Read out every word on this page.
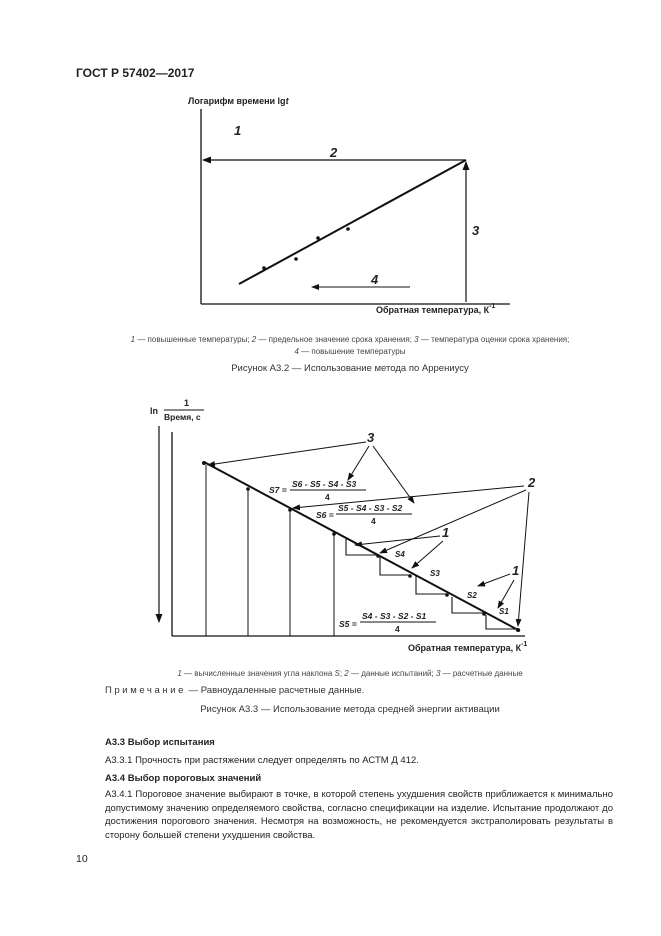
ГОСТ Р 57402—2017
Логарифм времени lgt
Обратная температура, $К^{-1}$
1
2
3
4
ln
1
Время, с
Обратная температура, $К^{-1}$
S7 =
S6 - S5 - S4 - S3
4
S6 =
S5 - S4 - S3 - S2
4
S5 =
S4 - S3 - S2 - S1
4
S4
S3
S2
S1
3
2
1
1
1 — повышенные температуры; 2 — предельное значение срока хранения; 3 — температура оценки срока хранения;
4 — повышение температуры
Рисунок А3.2 — Использование метода по Аррениусу
1 — вычисленные значения угла наклона S; 2 — данные испытаний; 3 — расчетные данные
Примечание — Равноудаленные расчетные данные.
Рисунок А3.3 — Использование метода средней энергии активации
А3.3 Выбор испытания
А3.3.1 Прочность при растяжении следует определять по АСТМ Д 412.
А3.4 Выбор пороговых значений
А3.4.1 Пороговое значение выбирают в точке, в которой степень ухудшения свойств приближается к минимально допустимому значению определяемого свойства, согласно спецификации на изделие. Испытание продолжают до достижения порогового значения. Несмотря на возможность, не рекомендуется экстраполировать результаты в сторону большей степени ухудшения свойства.
10
